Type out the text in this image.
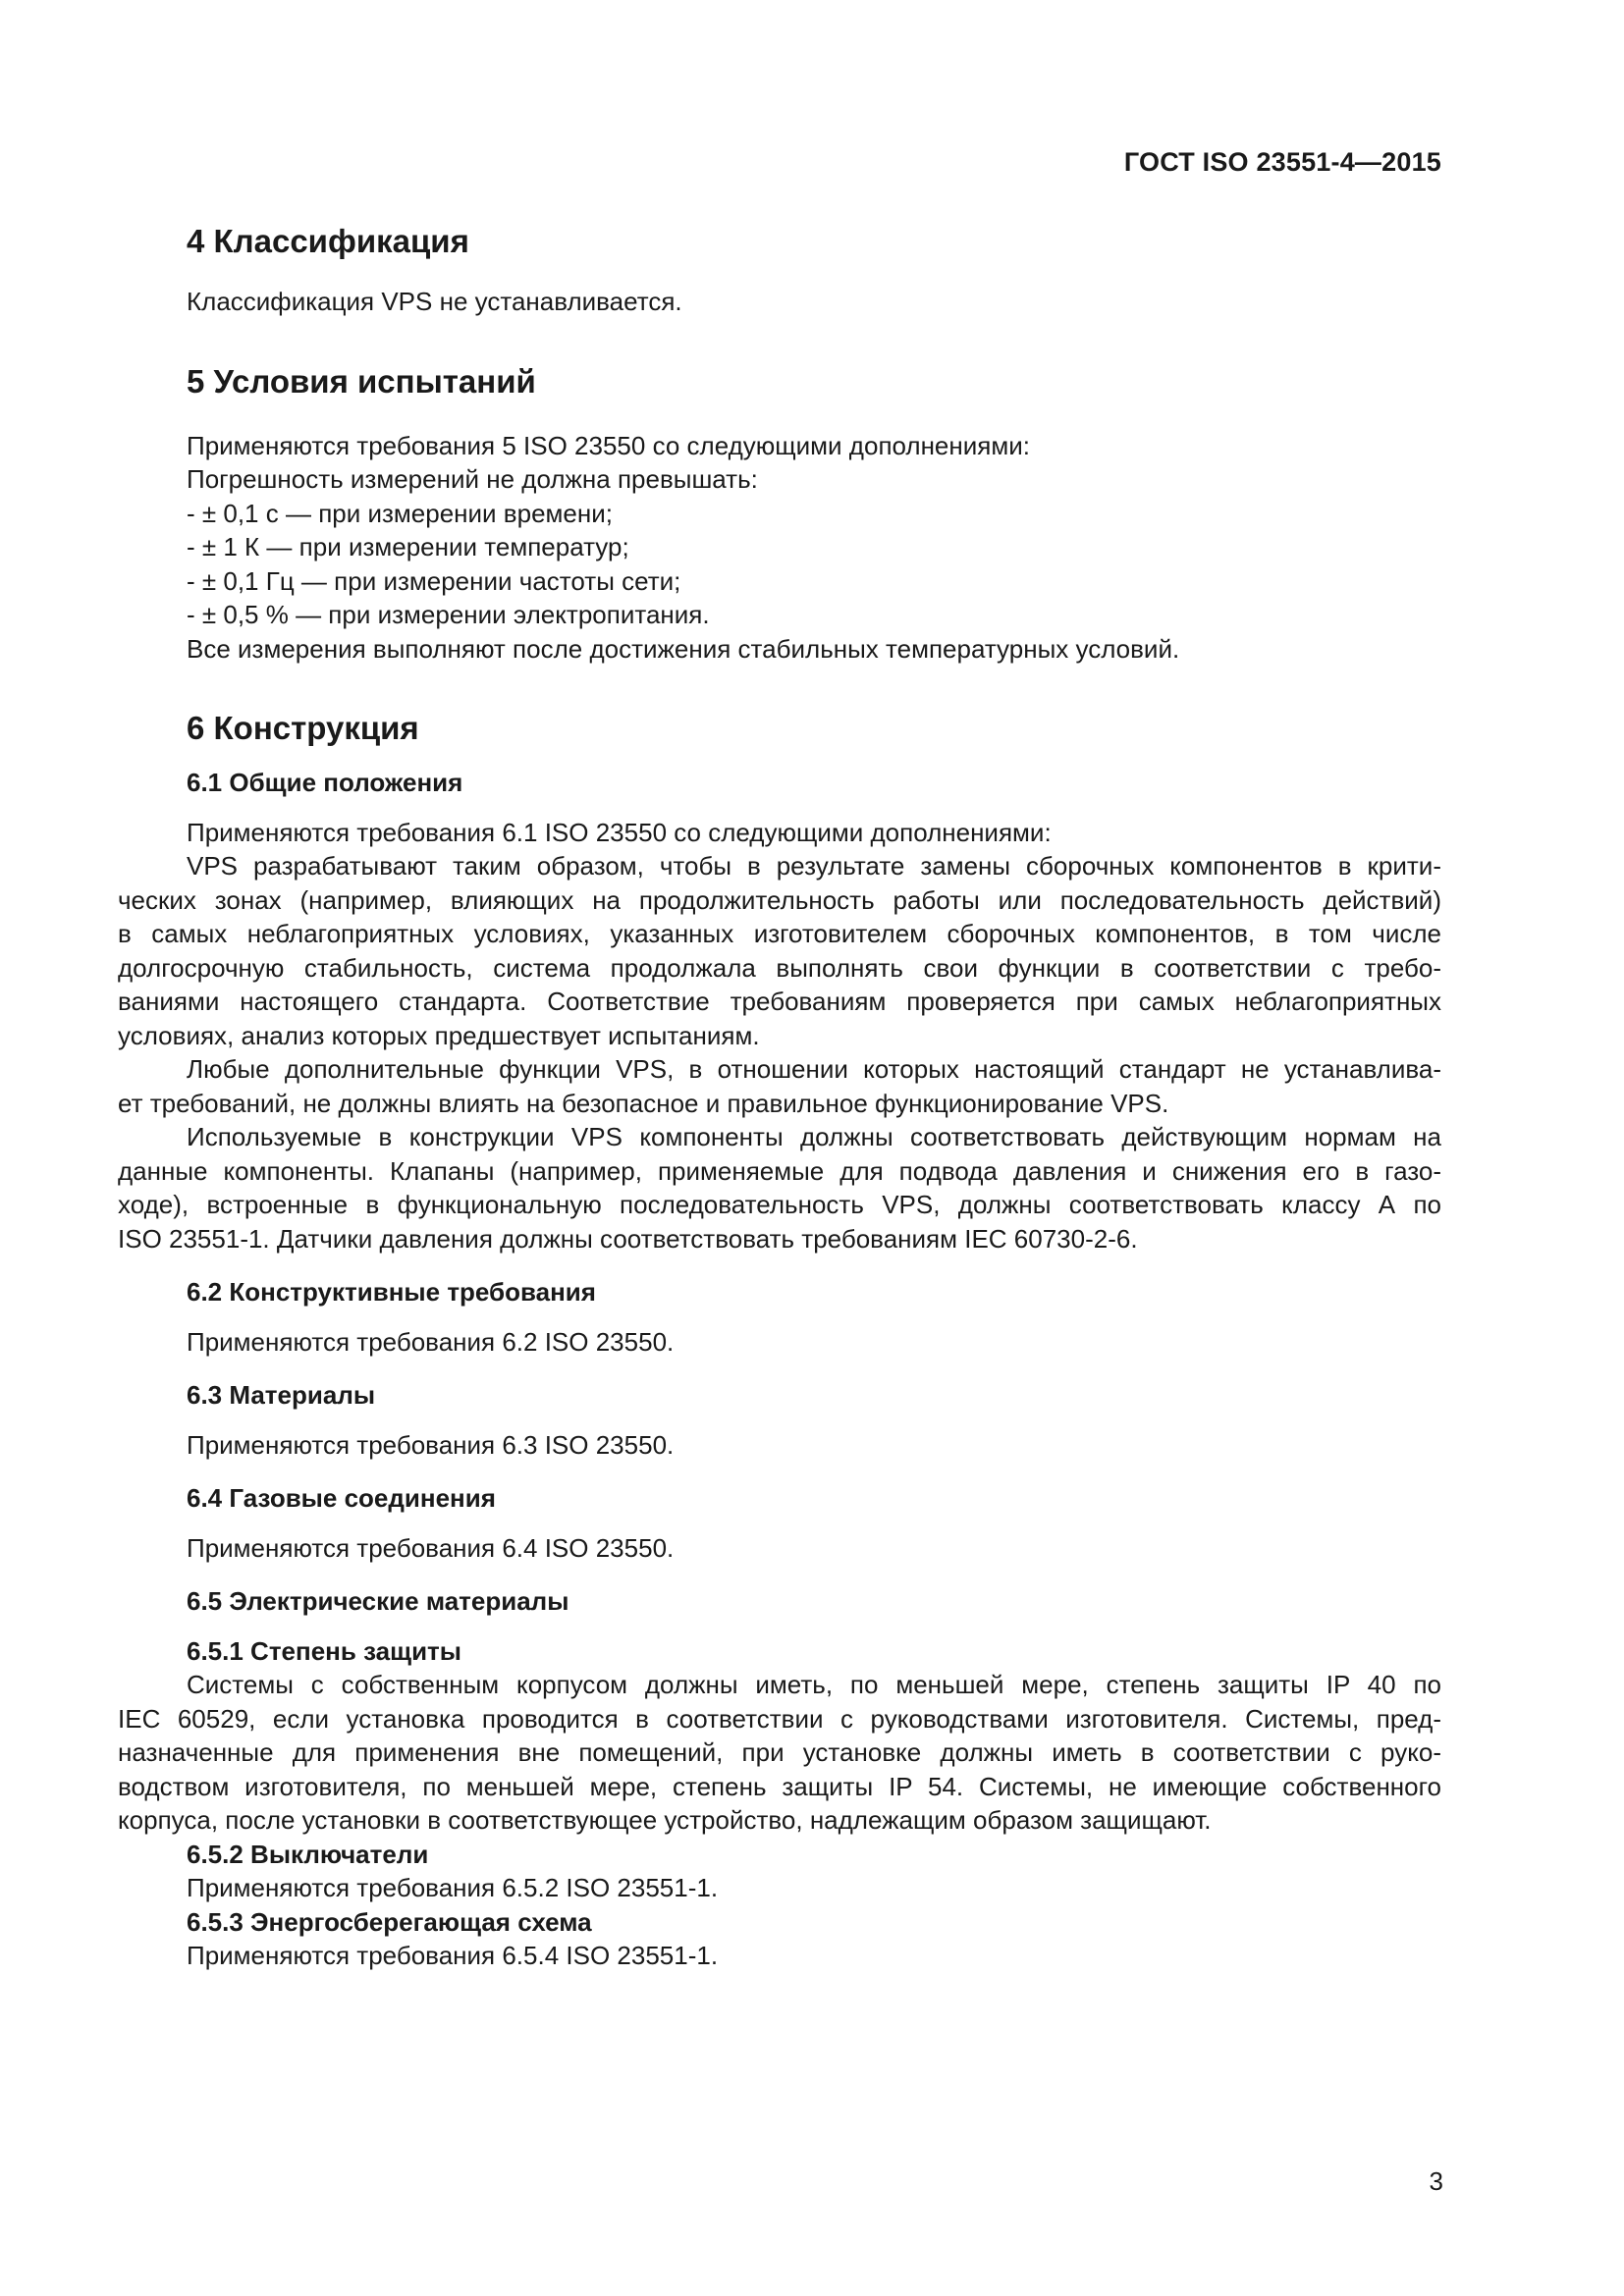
ГОСТ ISO 23551-4—2015
4 Классификация
Классификация VPS не устанавливается.
5 Условия испытаний
Применяются требования 5 ISO 23550 со следующими дополнениями:
Погрешность измерений не должна превышать:
- ± 0,1 с — при измерении времени;
- ± 1 К — при измерении температур;
- ± 0,1 Гц — при измерении частоты сети;
- ± 0,5 % — при измерении электропитания.
Все измерения выполняют после достижения стабильных температурных условий.
6 Конструкция
6.1 Общие положения
Применяются требования 6.1 ISO 23550 со следующими дополнениями:
VPS разрабатывают таким образом, чтобы в результате замены сборочных компонентов в крити-
ческих зонах (например, влияющих на продолжительность работы или последовательность действий)
в самых неблагоприятных условиях, указанных изготовителем сборочных компонентов, в том числе
долгосрочную стабильность, система продолжала выполнять свои функции в соответствии с требо-
ваниями настоящего стандарта. Соответствие требованиям проверяется при самых неблагоприятных
условиях, анализ которых предшествует испытаниям.
Любые дополнительные функции VPS, в отношении которых настоящий стандарт не устанавлива-
ет требований, не должны влиять на безопасное и правильное функционирование VPS.
Используемые в конструкции VPS компоненты должны соответствовать действующим нормам на
данные компоненты. Клапаны (например, применяемые для подвода давления и снижения его в газо-
ходе), встроенные в функциональную последовательность VPS, должны соответствовать классу А по
ISO 23551-1. Датчики давления должны соответствовать требованиям IEC 60730-2-6.
6.2 Конструктивные требования
Применяются требования 6.2 ISO 23550.
6.3 Материалы
Применяются требования 6.3 ISO 23550.
6.4 Газовые соединения
Применяются требования 6.4 ISO 23550.
6.5 Электрические материалы
6.5.1 Степень защиты
Системы с собственным корпусом должны иметь, по меньшей мере, степень защиты IP 40 по
IEC 60529, если установка проводится в соответствии с руководствами изготовителя. Системы, пред-
назначенные для применения вне помещений, при установке должны иметь в соответствии с руко-
водством изготовителя, по меньшей мере, степень защиты IP 54. Системы, не имеющие собственного
корпуса, после установки в соответствующее устройство, надлежащим образом защищают.
6.5.2 Выключатели
Применяются требования 6.5.2 ISO 23551-1.
6.5.3 Энергосберегающая схема
Применяются требования 6.5.4 ISO 23551-1.
3
